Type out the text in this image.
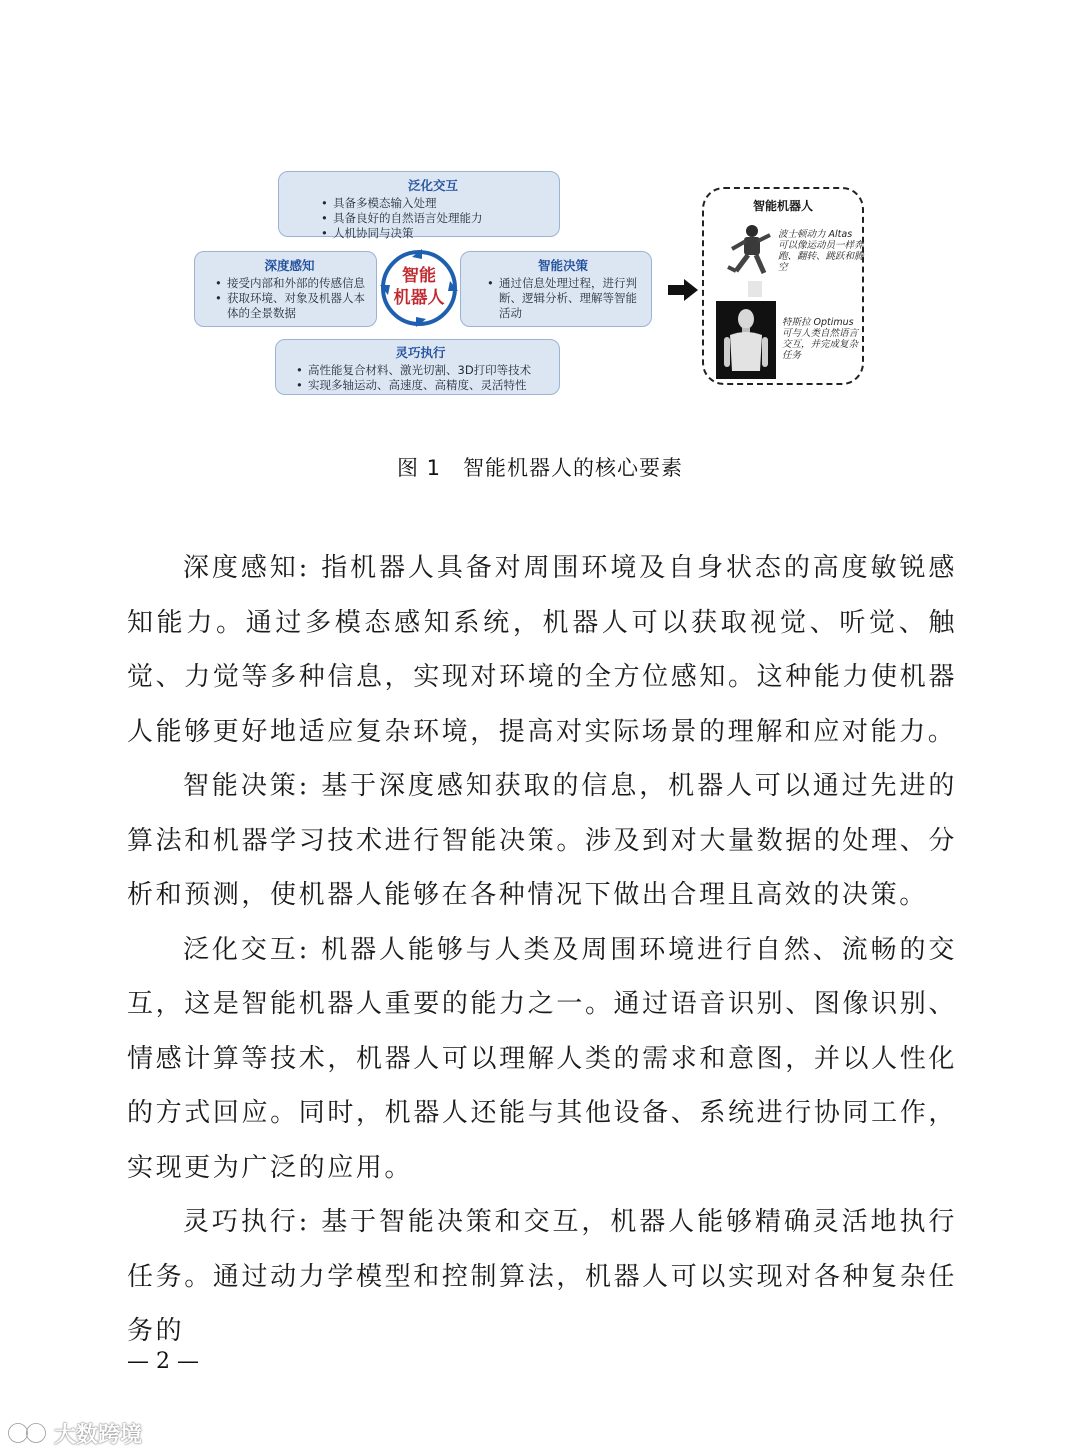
泛化交互
• 具备多模态输入处理
• 具备良好的自然语言处理能力
• 人机协同与决策
深度感知
• 接受内部和外部的传感信息
• 获取环境、对象及机器人本体的全景数据
智能决策
• 通过信息处理过程，进行判断、逻辑分析、理解等智能活动
灵巧执行
• 高性能复合材料、激光切割、3D打印等技术
• 实现多轴运动、高速度、高精度、灵活特性
智能
机器人
智能机器人
波士顿动力 Altas 可以像运动员一样奔跑、翻转、跳跃和腾空
特斯拉 Optimus 可与人类自然语言交互，并完成复杂任务
图 1 智能机器人的核心要素

深度感知: 指机器人具备对周围环境及自身状态的高度敏锐感知能力。通过多模态感知系统，机器人可以获取视觉、听觉、触觉、力觉等多种信息，实现对环境的全方位感知。这种能力使机器人能够更好地适应复杂环境，提高对实际场景的理解和应对能力。

智能决策: 基于深度感知获取的信息，机器人可以通过先进的算法和机器学习技术进行智能决策。涉及到对大量数据的处理、分析和预测，使机器人能够在各种情况下做出合理且高效的决策。

泛化交互: 机器人能够与人类及周围环境进行自然、流畅的交互，这是智能机器人重要的能力之一。通过语音识别、图像识别、情感计算等技术，机器人可以理解人类的需求和意图，并以人性化的方式回应。同时，机器人还能与其他设备、系统进行协同工作，实现更为广泛的应用。

灵巧执行: 基于智能决策和交互，机器人能够精确灵活地执行任务。通过动力学模型和控制算法，机器人可以实现对各种复杂任务的

— 2 —
大数跨境
